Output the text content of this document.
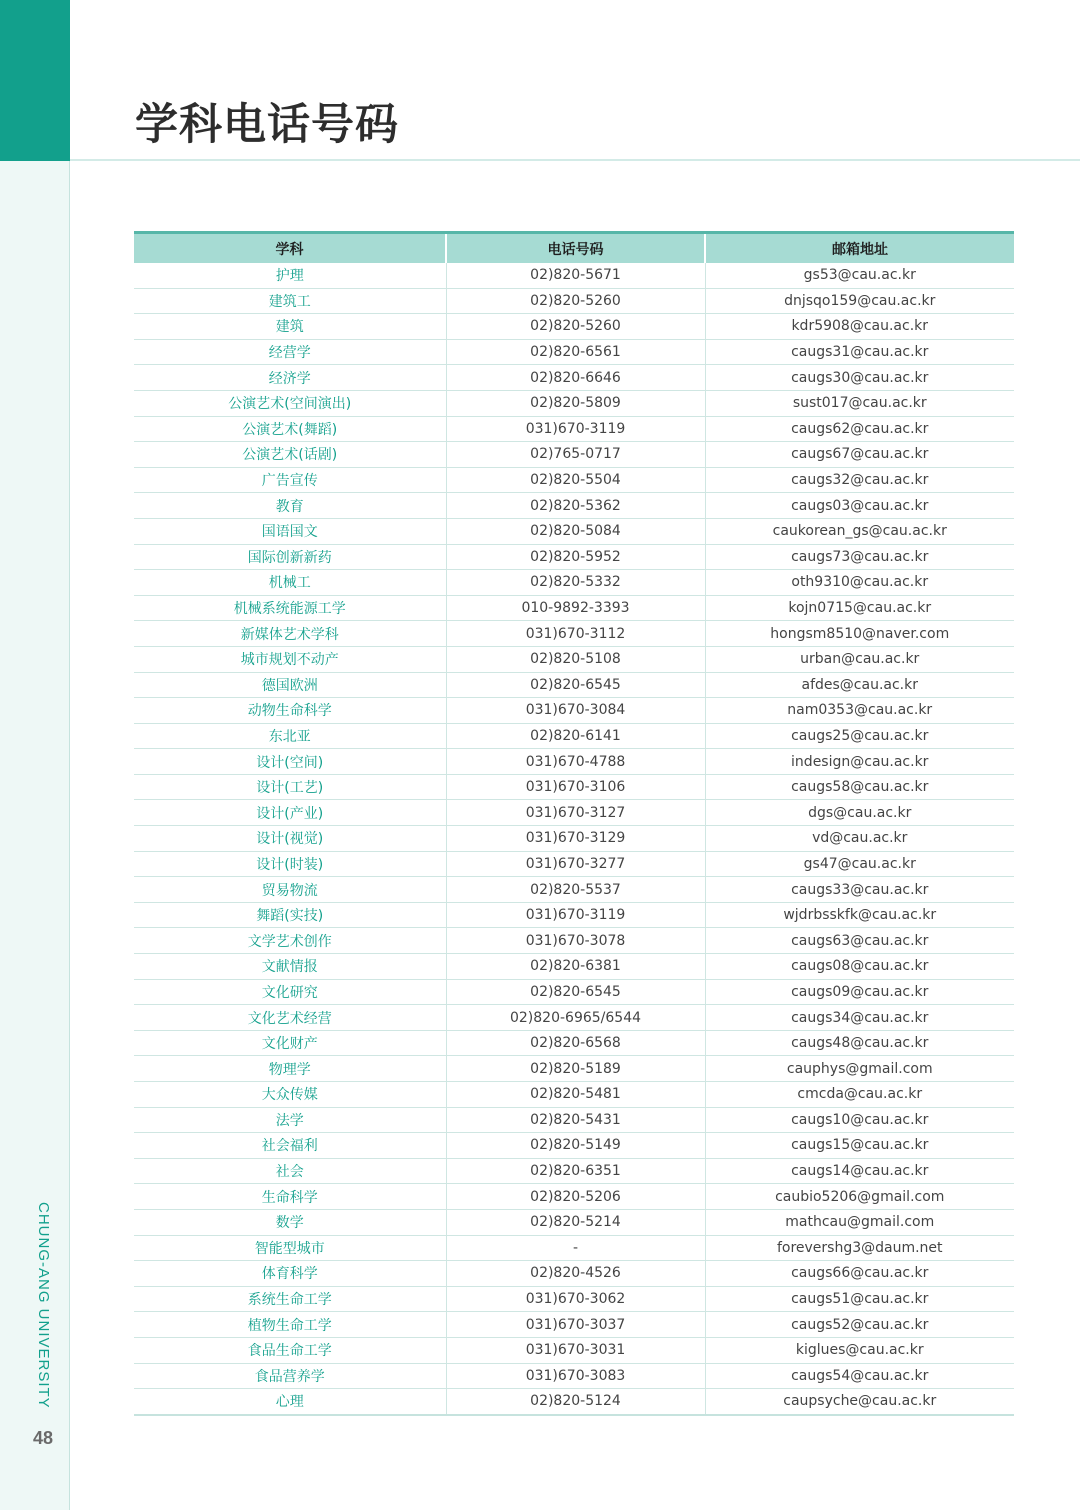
学科电话号码
CHUNG-ANG UNIVERSITY
48
学科	电话号码	邮箱地址
护理	02)820-5671	gs53@cau.ac.kr
建筑工	02)820-5260	dnjsqo159@cau.ac.kr
建筑	02)820-5260	kdr5908@cau.ac.kr
经营学	02)820-6561	caugs31@cau.ac.kr
经济学	02)820-6646	caugs30@cau.ac.kr
公演艺术(空间演出)	02)820-5809	sust017@cau.ac.kr
公演艺术(舞蹈)	031)670-3119	caugs62@cau.ac.kr
公演艺术(话剧)	02)765-0717	caugs67@cau.ac.kr
广告宣传	02)820-5504	caugs32@cau.ac.kr
教育	02)820-5362	caugs03@cau.ac.kr
国语国文	02)820-5084	caukorean_gs@cau.ac.kr
国际创新新药	02)820-5952	caugs73@cau.ac.kr
机械工	02)820-5332	oth9310@cau.ac.kr
机械系统能源工学	010-9892-3393	kojn0715@cau.ac.kr
新媒体艺术学科	031)670-3112	hongsm8510@naver.com
城市规划不动产	02)820-5108	urban@cau.ac.kr
德国欧洲	02)820-6545	afdes@cau.ac.kr
动物生命科学	031)670-3084	nam0353@cau.ac.kr
东北亚	02)820-6141	caugs25@cau.ac.kr
设计(空间)	031)670-4788	indesign@cau.ac.kr
设计(工艺)	031)670-3106	caugs58@cau.ac.kr
设计(产业)	031)670-3127	dgs@cau.ac.kr
设计(视觉)	031)670-3129	vd@cau.ac.kr
设计(时装)	031)670-3277	gs47@cau.ac.kr
贸易物流	02)820-5537	caugs33@cau.ac.kr
舞蹈(实技)	031)670-3119	wjdrbsskfk@cau.ac.kr
文学艺术创作	031)670-3078	caugs63@cau.ac.kr
文献情报	02)820-6381	caugs08@cau.ac.kr
文化研究	02)820-6545	caugs09@cau.ac.kr
文化艺术经营	02)820-6965/6544	caugs34@cau.ac.kr
文化财产	02)820-6568	caugs48@cau.ac.kr
物理学	02)820-5189	cauphys@gmail.com
大众传媒	02)820-5481	cmcda@cau.ac.kr
法学	02)820-5431	caugs10@cau.ac.kr
社会福利	02)820-5149	caugs15@cau.ac.kr
社会	02)820-6351	caugs14@cau.ac.kr
生命科学	02)820-5206	caubio5206@gmail.com
数学	02)820-5214	mathcau@gmail.com
智能型城市	-	forevershg3@daum.net
体育科学	02)820-4526	caugs66@cau.ac.kr
系统生命工学	031)670-3062	caugs51@cau.ac.kr
植物生命工学	031)670-3037	caugs52@cau.ac.kr
食品生命工学	031)670-3031	kiglues@cau.ac.kr
食品营养学	031)670-3083	caugs54@cau.ac.kr
心理	02)820-5124	caupsyche@cau.ac.kr
